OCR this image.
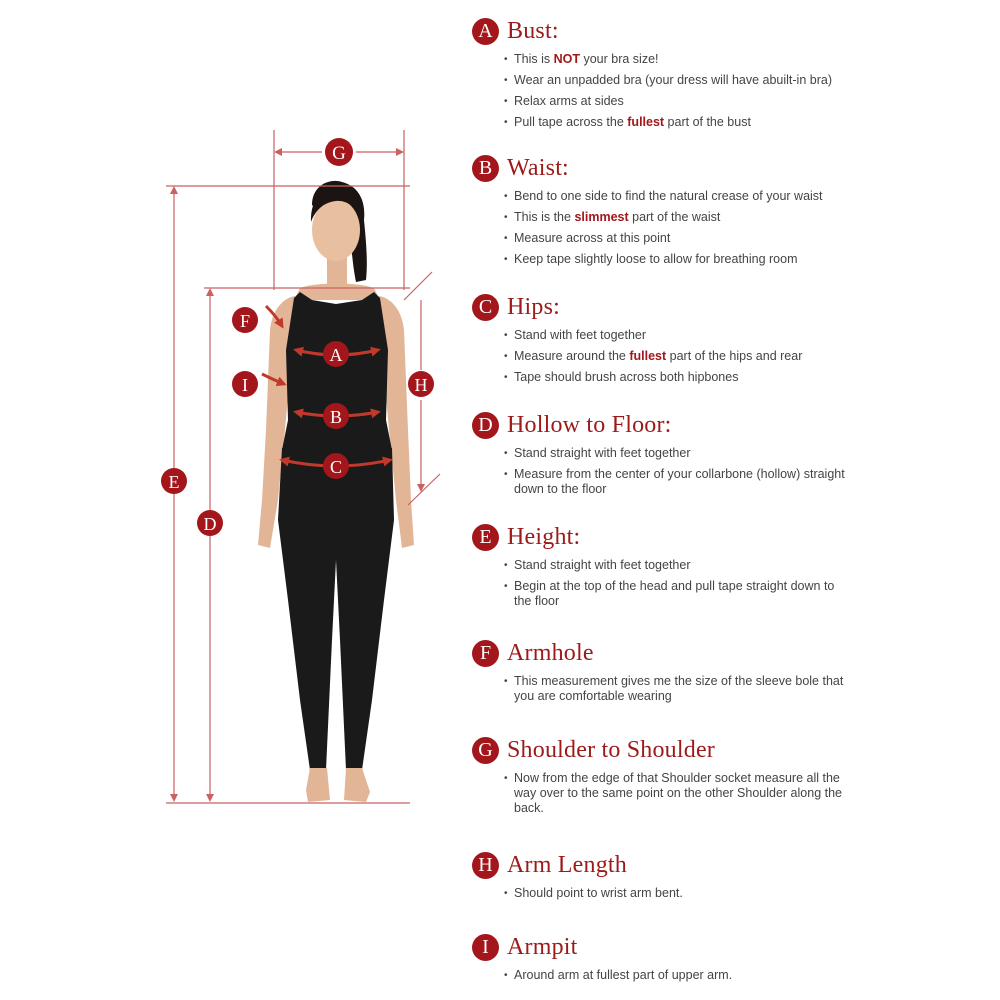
G
F
A
I	H
B
C
E
D
A Bust:
• This is NOT your bra size!
• Wear an unpadded bra (your dress will have abuilt-in bra)
• Relax arms at sides
• Pull tape across the fullest part of the bust
B Waist:
• Bend to one side to find the natural crease of your waist
• This is the slimmest part of the waist
• Measure across at this point
• Keep tape slightly loose to allow for breathing room
C Hips:
• Stand with feet together
• Measure around the fullest part of the hips and rear
• Tape should brush across both hipbones
D Hollow to Floor:
• Stand straight with feet together
• Measure from the center of your collarbone (hollow) straight down to the floor
E Height:
• Stand straight with feet together
• Begin at the top of the head and pull tape straight down to the floor
F Armhole
• This measurement gives me the size of the sleeve bole that you are comfortable wearing
G Shoulder to Shoulder
• Now from the edge of that Shoulder socket measure all the way over to the same point on the other Shoulder along the back.
H Arm Length
• Should point to wrist arm bent.
I Armpit
• Around arm at fullest part of upper arm.
